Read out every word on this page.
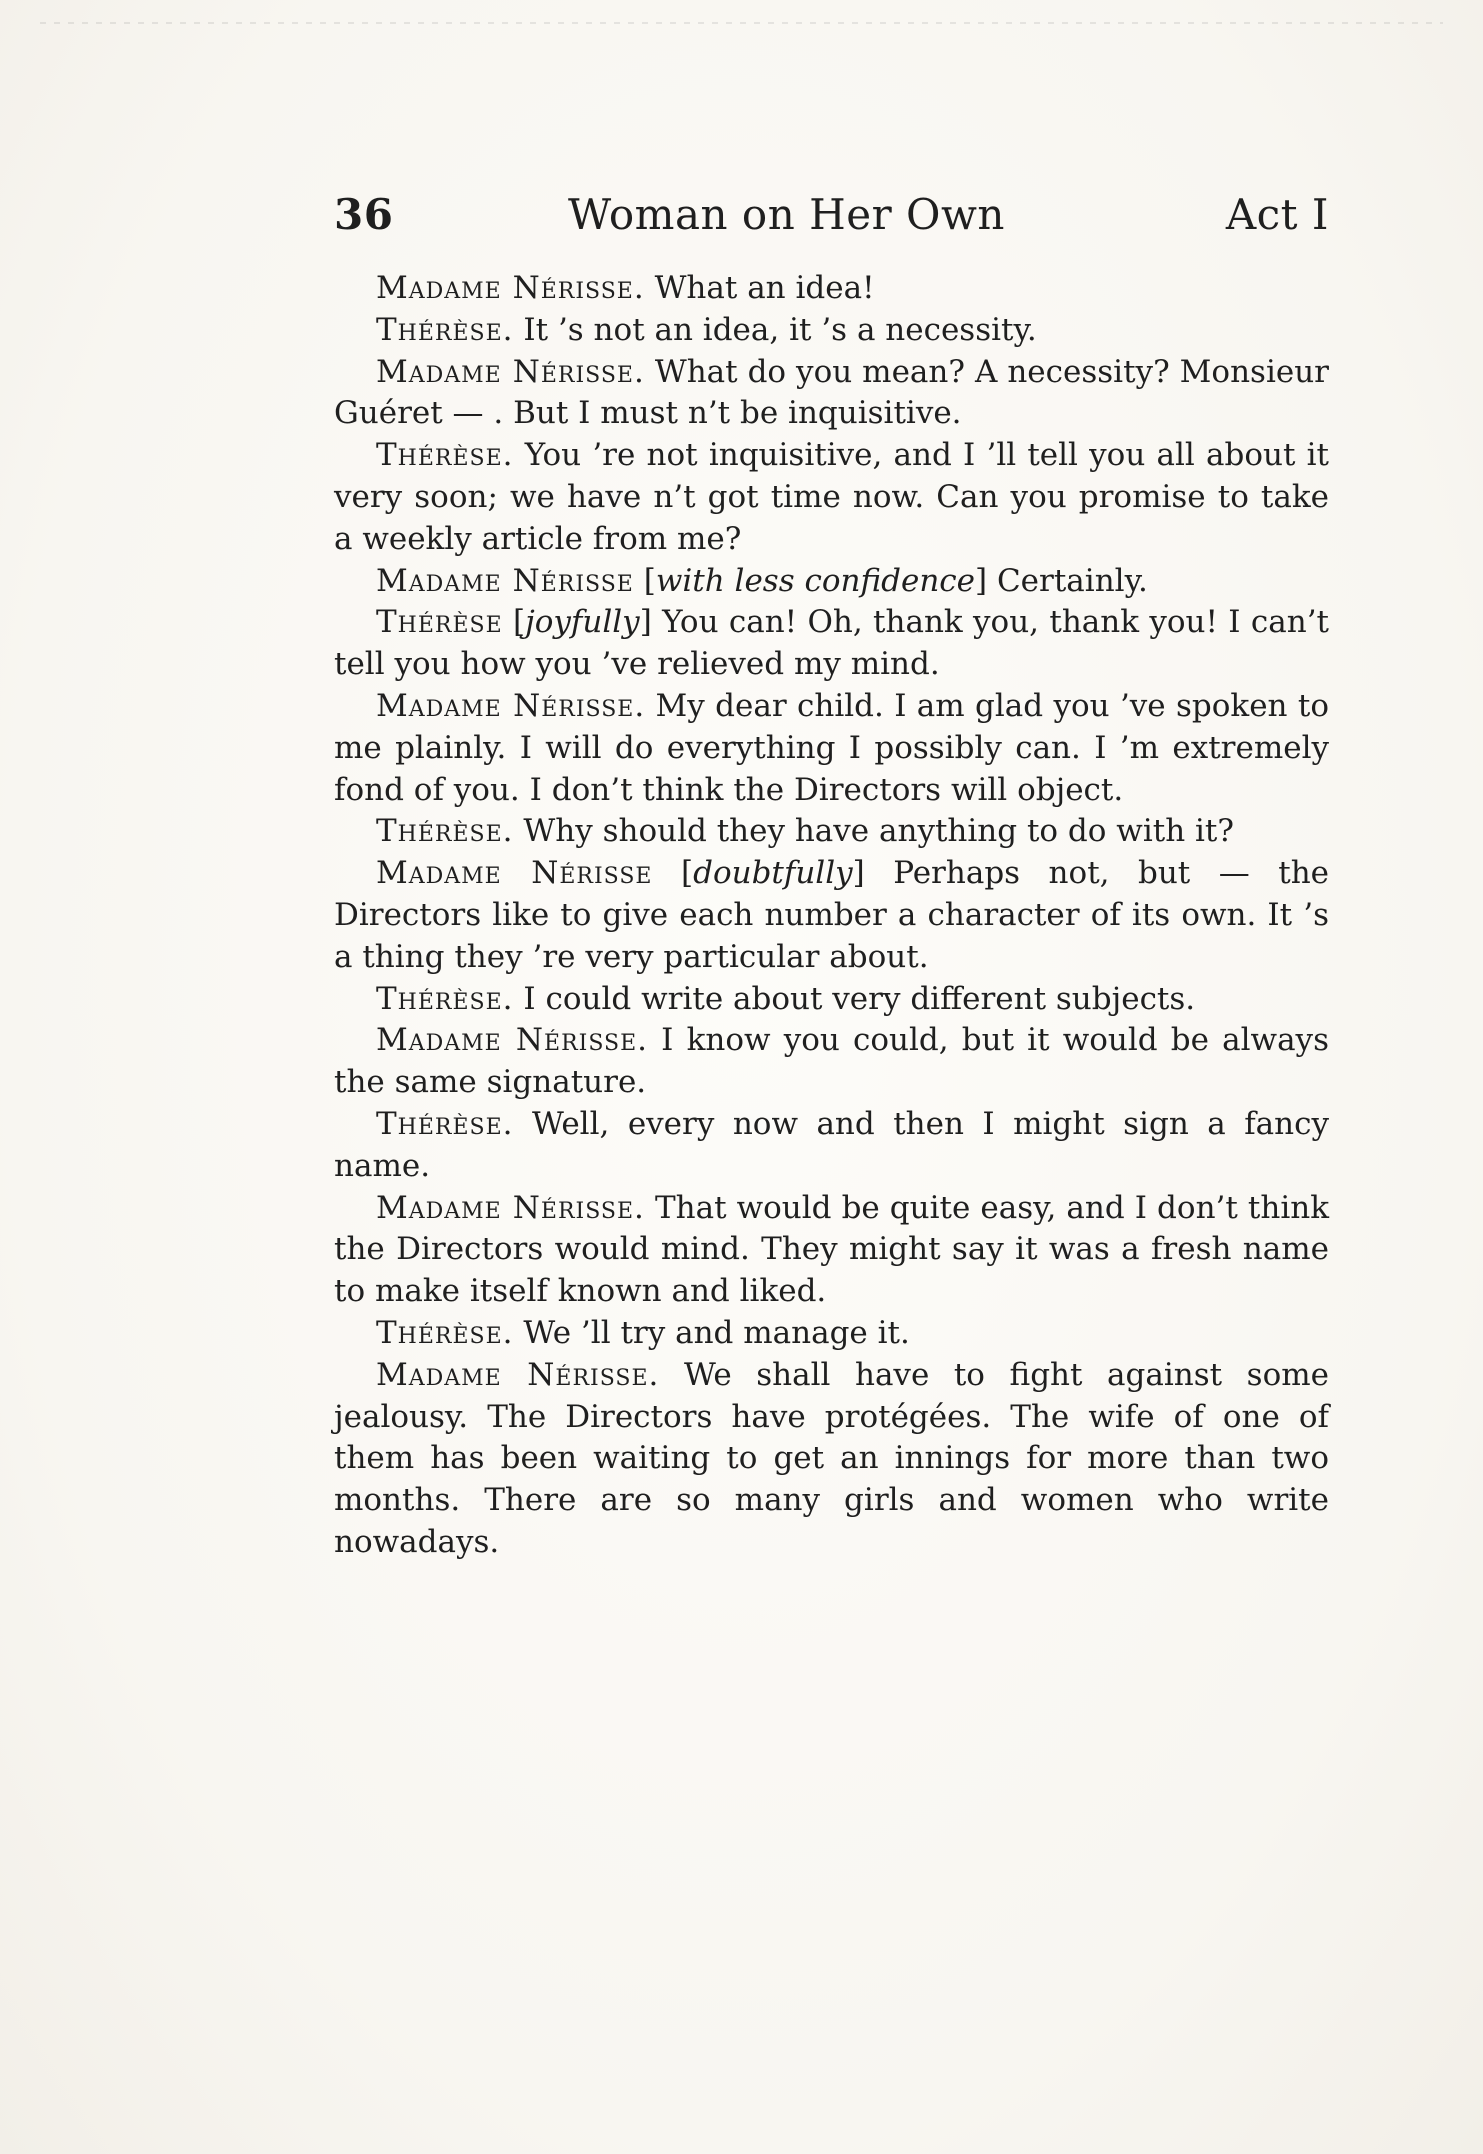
36	Woman on Her Own	Act I

Madame Nérisse. What an idea!

Thérèse. It ’s not an idea, it ’s a necessity.

Madame Nérisse. What do you mean? A necessity? Monsieur Guéret — . But I must n’t be inquisitive.

Thérèse. You ’re not inquisitive, and I ’ll tell you all about it very soon; we have n’t got time now. Can you promise to take a weekly article from me?

Madame Nérisse [with less confidence] Certainly.

Thérèse [joyfully] You can! Oh, thank you, thank you! I can’t tell you how you ’ve relieved my mind.

Madame Nérisse. My dear child. I am glad you ’ve spoken to me plainly. I will do everything I possibly can. I ’m extremely fond of you. I don’t think the Directors will object.

Thérèse. Why should they have anything to do with it?

Madame Nérisse [doubtfully] Perhaps not, but — the Directors like to give each number a character of its own. It ’s a thing they ’re very particular about.

Thérèse. I could write about very different subjects.

Madame Nérisse. I know you could, but it would be always the same signature.

Thérèse. Well, every now and then I might sign a fancy name.

Madame Nérisse. That would be quite easy, and I don’t think the Directors would mind. They might say it was a fresh name to make itself known and liked.

Thérèse. We ’ll try and manage it.

Madame Nérisse. We shall have to fight against some jealousy. The Directors have protégées. The wife of one of them has been waiting to get an innings for more than two months. There are so many girls and women who write nowadays.
